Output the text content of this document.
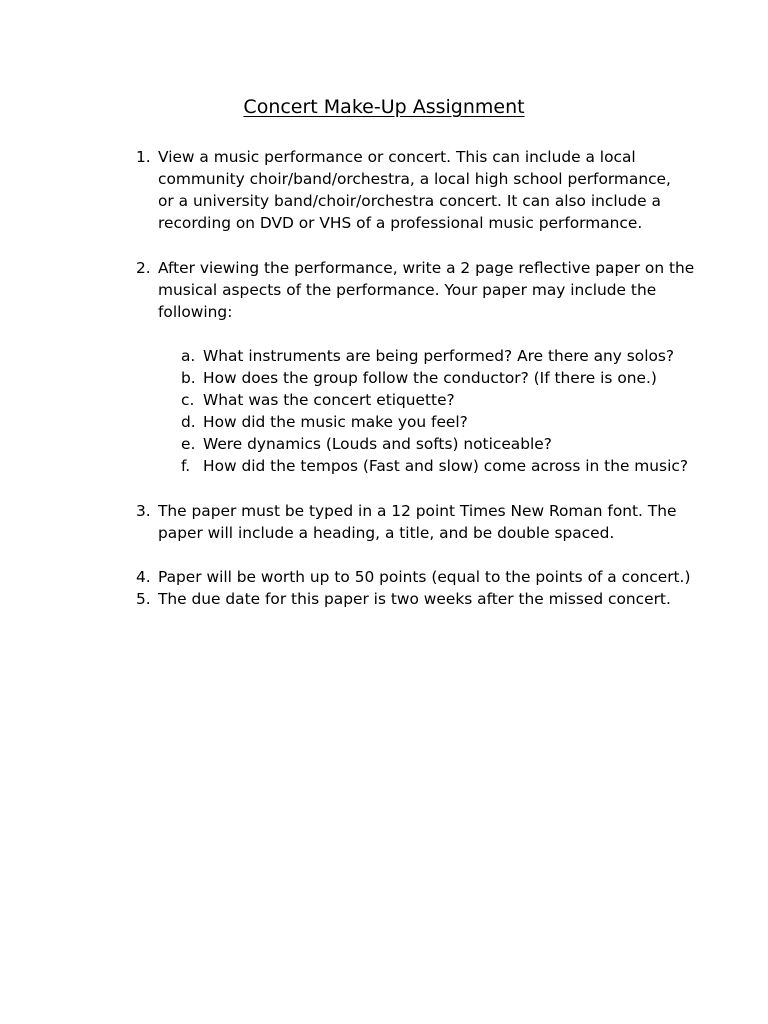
Concert Make-Up Assignment
1. View a music performance or concert. This can include a local
community choir/band/orchestra, a local high school performance,
or a university band/choir/orchestra concert. It can also include a
recording on DVD or VHS of a professional music performance.
2. After viewing the performance, write a 2 page reflective paper on the
musical aspects of the performance. Your paper may include the
following:
a. What instruments are being performed? Are there any solos?
b. How does the group follow the conductor? (If there is one.)
c. What was the concert etiquette?
d. How did the music make you feel?
e. Were dynamics (Louds and softs) noticeable?
f. How did the tempos (Fast and slow) come across in the music?
3. The paper must be typed in a 12 point Times New Roman font. The
paper will include a heading, a title, and be double spaced.
4. Paper will be worth up to 50 points (equal to the points of a concert.)
5. The due date for this paper is two weeks after the missed concert.
